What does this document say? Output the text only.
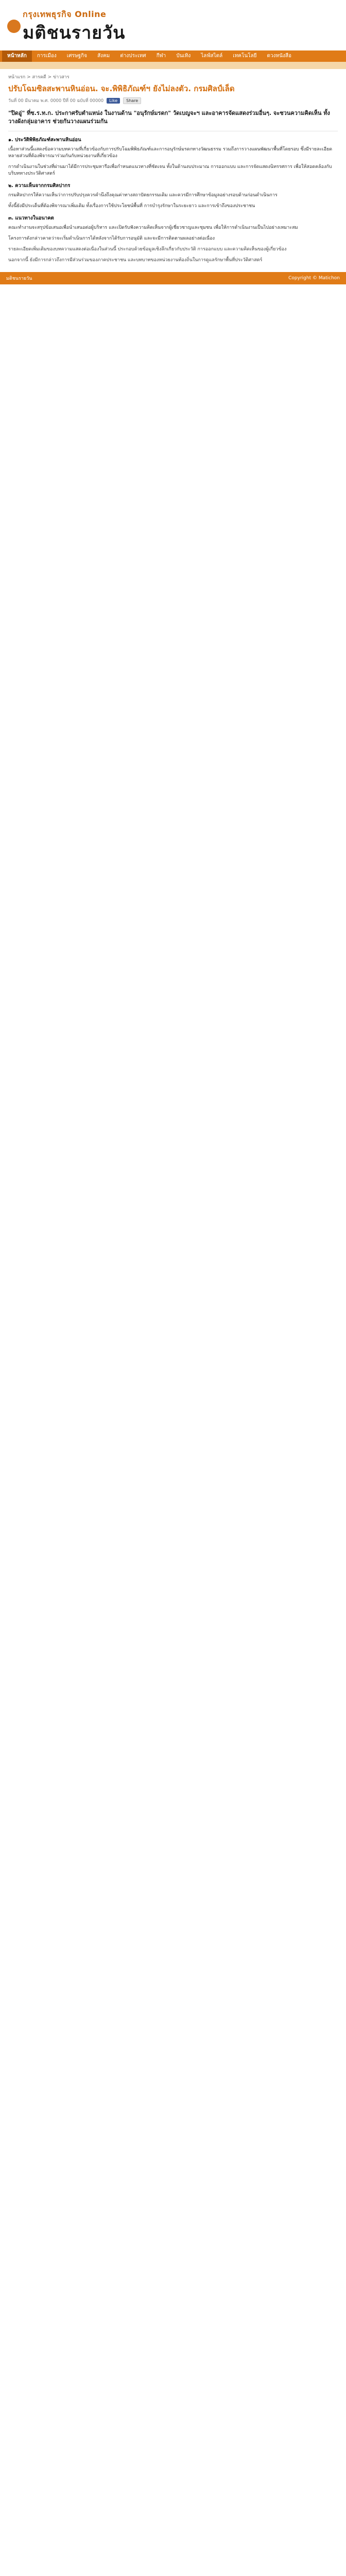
กรุงเทพธุรกิจ Online
มติชนรายวัน
หน้าหลัก	การเมือง	เศรษฐกิจ	สังคม	ต่างประเทศ	กีฬา	บันเทิง	ไลฟ์สไตล์	เทคโนโลยี	ดวงหนังสือ
หน้าแรก > สารคดี > ข่าวสาร
ปรับโฉมซิลสะพานหินอ่อน. จะ.พิพิธิภัณฑ์ฯ ยังไม่ลงตัว. กรมศิลป์เล็ด
วันที่ 00 มีนาคม พ.ศ. 0000 ปีที่ 00 ฉบับที่ 00000	Like	Share
"ปิดอู่" ที่ซ.ร.ท.ก. ประกาศรับตำแหน่ง ในงานด้าน "อนุรักษ์มรดก" วัดเบญจะฯ และอาคารจัดแสดงร่วมอื่นๆ. จะชวนความคิดเห็น ทั้ง วางผังกลุ่มอาคาร ช่วยกันวางแผนร่วมกัน
๑. ประวัติพิพิธภัณฑ์สะพานหินอ่อน

เนื้อหาส่วนนี้แสดงข้อความบทความที่เกี่ยวข้องกับการปรับโฉมพิพิธภัณฑ์และการอนุรักษ์มรดกทางวัฒนธรรม รวมถึงการวางแผนพัฒนาพื้นที่โดยรอบ ซึ่งมีรายละเอียดหลายส่วนที่ต้องพิจารณาร่วมกันกับหน่วยงานที่เกี่ยวข้อง

การดำเนินงานในช่วงที่ผ่านมาได้มีการประชุมหารือเพื่อกำหนดแนวทางที่ชัดเจน ทั้งในด้านงบประมาณ การออกแบบ และการจัดแสดงนิทรรศการ เพื่อให้สอดคล้องกับบริบททางประวัติศาสตร์

๒. ความเห็นจากกรมศิลปากร

กรมศิลปากรให้ความเห็นว่าการปรับปรุงควรคำนึงถึงคุณค่าทางสถาปัตยกรรมเดิม และควรมีการศึกษาข้อมูลอย่างรอบด้านก่อนดำเนินการ

ทั้งนี้ยังมีประเด็นที่ต้องพิจารณาเพิ่มเติม ทั้งเรื่องการใช้ประโยชน์พื้นที่ การบำรุงรักษาในระยะยาว และการเข้าถึงของประชาชน

๓. แนวทางในอนาคต

คณะทำงานจะสรุปข้อเสนอเพื่อนำเสนอต่อผู้บริหาร และเปิดรับฟังความคิดเห็นจากผู้เชี่ยวชาญและชุมชน เพื่อให้การดำเนินงานเป็นไปอย่างเหมาะสม

โครงการดังกล่าวคาดว่าจะเริ่มดำเนินการได้หลังจากได้รับการอนุมัติ และจะมีการติดตามผลอย่างต่อเนื่อง

รายละเอียดเพิ่มเติมของบทความแสดงต่อเนื่องในส่วนนี้ ประกอบด้วยข้อมูลเชิงลึกเกี่ยวกับประวัติ การออกแบบ และความคิดเห็นของผู้เกี่ยวข้อง

นอกจากนี้ ยังมีการกล่าวถึงการมีส่วนร่วมของภาคประชาชน และบทบาทของหน่วยงานท้องถิ่นในการดูแลรักษาพื้นที่ประวัติศาสตร์

มติชนรายวัน	Copyright © Matichon
